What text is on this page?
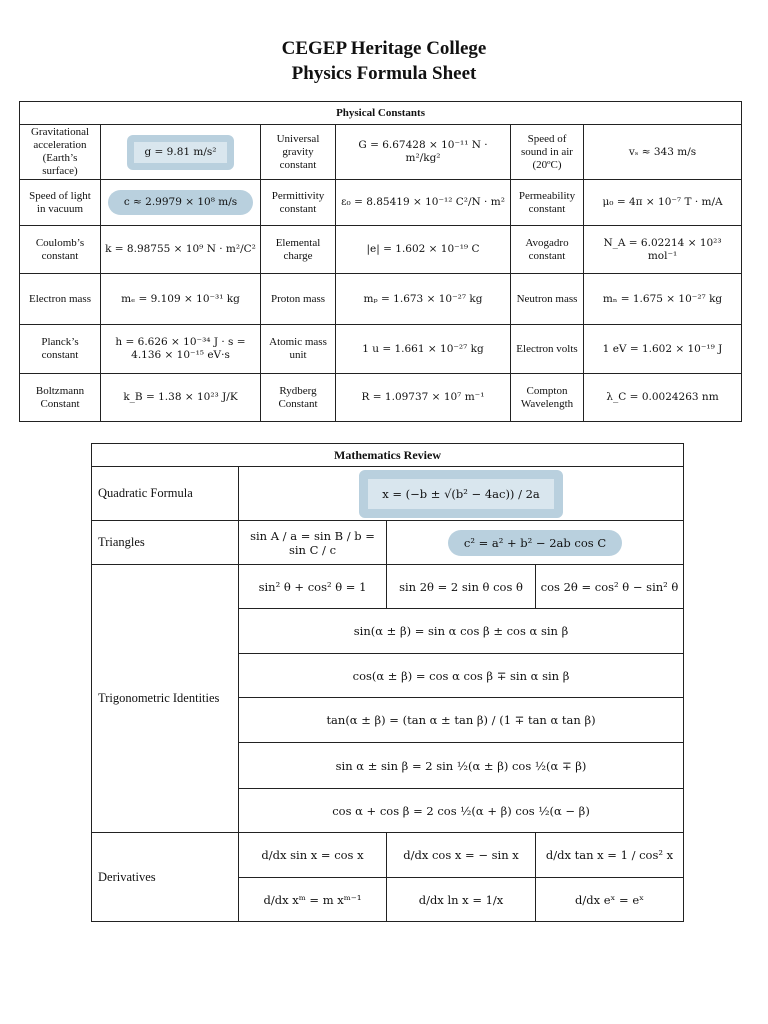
CEGEP Heritage College
Physics Formula Sheet
Physical Constants					
Gravitational acceleration (Earth’s surface)	g = 9.81 m/s²	Universal gravity constant	G = 6.67428 × 10⁻¹¹ N · m²/kg²	Speed of sound in air (20ºC)	vₛ ≈ 343 m/s
Speed of light in vacuum	c ≈ 2.9979 × 10⁸ m/s	Permittivity constant	ε₀ = 8.85419 × 10⁻¹² C²/N · m²	Permeability constant	μ₀ = 4π × 10⁻⁷ T · m/A
Coulomb’s constant	k = 8.98755 × 10⁹ N · m²/C²	Elemental charge	|e| = 1.602 × 10⁻¹⁹ C	Avogadro constant	N_A = 6.02214 × 10²³ mol⁻¹
Electron mass	mₑ = 9.109 × 10⁻³¹ kg	Proton mass	mₚ = 1.673 × 10⁻²⁷ kg	Neutron mass	mₙ = 1.675 × 10⁻²⁷ kg
Planck’s constant	h = 6.626 × 10⁻³⁴ J · s = 4.136 × 10⁻¹⁵ eV·s	Atomic mass unit	1 u = 1.661 × 10⁻²⁷ kg	Electron volts	1 eV = 1.602 × 10⁻¹⁹ J
Boltzmann Constant	k_B = 1.38 × 10²³ J/K	Rydberg Constant	R = 1.09737 × 10⁷ m⁻¹	Compton Wavelength	λ_C = 0.0024263 nm
Mathematics Review			
Quadratic Formula	x = (−b ± √(b² − 4ac)) / 2a		
Triangles	sin A / a = sin B / b = sin C / c	c² = a² + b² − 2ab cos C	
Trigonometric Identities	sin² θ + cos² θ = 1	sin 2θ = 2 sin θ cos θ	cos 2θ = cos² θ − sin² θ
	sin(α ± β) = sin α cos β ± cos α sin β		
	cos(α ± β) = cos α cos β ∓ sin α sin β		
	tan(α ± β) = (tan α ± tan β) / (1 ∓ tan α tan β)		
	sin α ± sin β = 2 sin ½(α ± β) cos ½(α ∓ β)		
	cos α + cos β = 2 cos ½(α + β) cos ½(α − β)		
Derivatives	d/dx sin x = cos x	d/dx cos x = − sin x	d/dx tan x = 1 / cos² x
	d/dx xᵐ = m xᵐ⁻¹	d/dx ln x = 1/x	d/dx eˣ = eˣ
